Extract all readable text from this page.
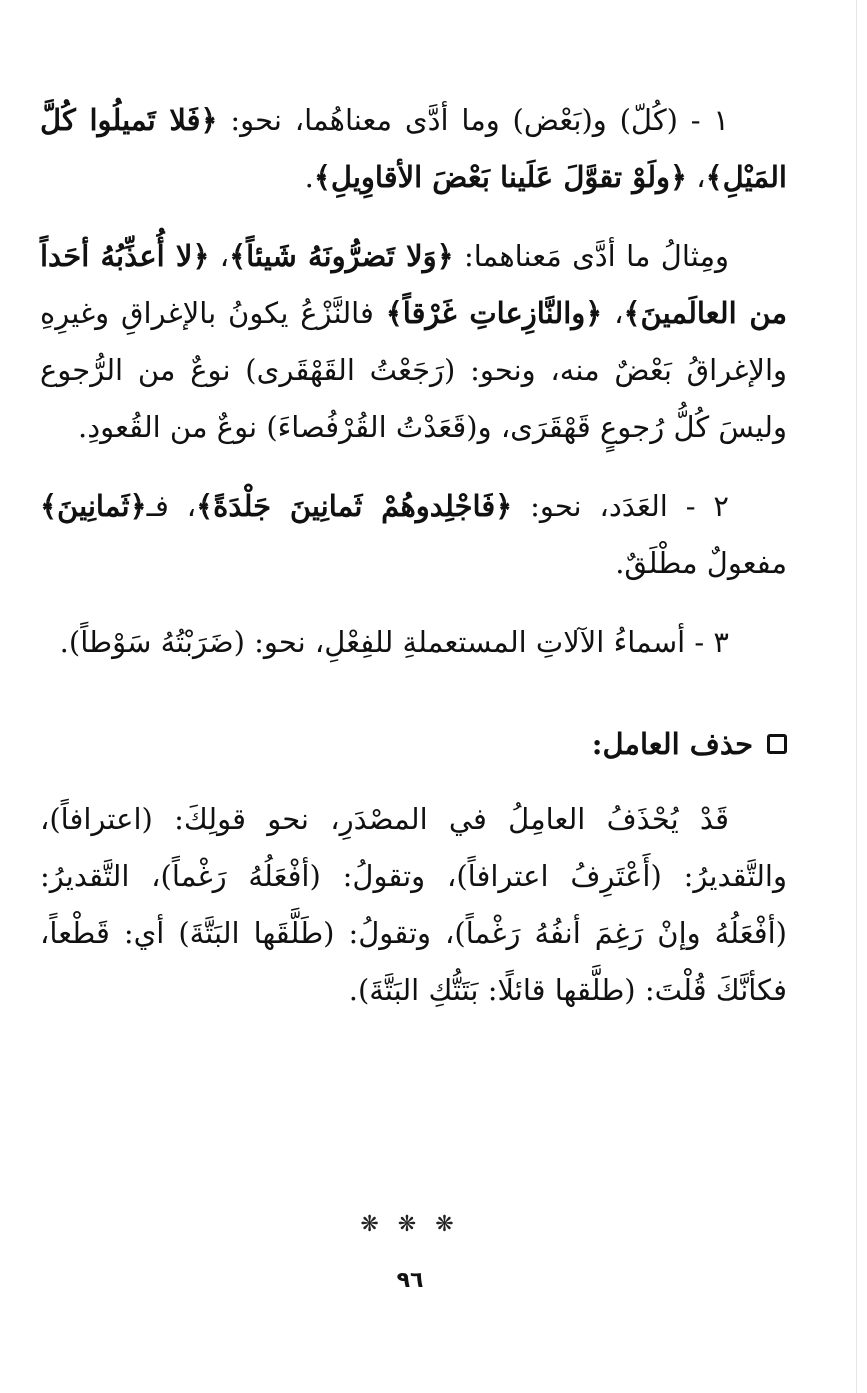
١ - (كُلّ) و(بَعْض) وما أدَّى معناهُما، نحو: ﴿فَلا تَميلُوا كُلَّ المَيْلِ﴾، ﴿ولَوْ تقوَّلَ عَلَينا بَعْضَ الأقاوِيلِ﴾.

ومِثالُ ما أدَّى مَعناهما: ﴿وَلا تَضرُّونَهُ شَيئاً﴾، ﴿لا أُعذِّبُهُ أحَداً من العالَمينَ﴾، ﴿والنَّازِعاتِ غَرْقاً﴾ فالنَّزْعُ يكونُ بالإغراقِ وغيرِهِ والإغراقُ بَعْضٌ منه، ونحو: (رَجَعْتُ القَهْقَرى) نوعٌ من الرُّجوع وليسَ كُلُّ رُجوعٍ قَهْقَرَى، و(قَعَدْتُ القُرْفُصاءَ) نوعٌ من القُعودِ.

٢ - العَدَد، نحو: ﴿فَاجْلِدوهُمْ ثَمانِينَ جَلْدَةً﴾، فـ﴿ثَمانِينَ﴾ مفعولٌ مطْلَقٌ.

٣ - أسماءُ الآلاتِ المستعملةِ للفِعْلِ، نحو: (ضَرَبْتُهُ سَوْطاً).

حذف العامل:

قَدْ يُحْذَفُ العامِلُ في المصْدَرِ، نحو قولِكَ: (اعترافاً)، والتَّقديرُ: (أَعْتَرِفُ اعترافاً)، وتقولُ: (أفْعَلُهُ رَغْماً)، التَّقديرُ: (أفْعَلُهُ وإنْ رَغِمَ أنفُهُ رَغْماً)، وتقولُ: (طَلَّقَها البَتَّةَ) أي: قَطْعاً، فكأنَّكَ قُلْتَ: (طلَّقها قائلًا: بَتَتُّكِ البَتَّةَ).

❋ ❋ ❋
٩٦
